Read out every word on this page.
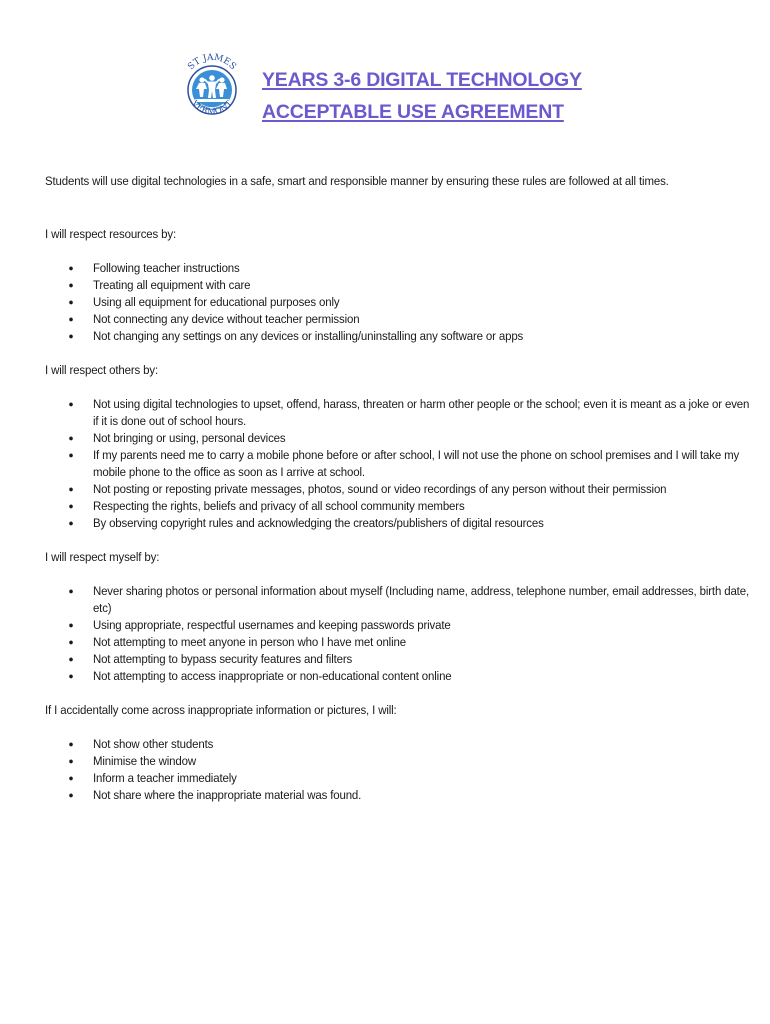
ST JAMES
VERMONT
YEARS 3-6 DIGITAL TECHNOLOGY
ACCEPTABLE USE AGREEMENT

Students will use digital technologies in a safe, smart and responsible manner by ensuring these rules are followed at all times.

I will respect resources by:

● Following teacher instructions
● Treating all equipment with care
● Using all equipment for educational purposes only
● Not connecting any device without teacher permission
● Not changing any settings on any devices or installing/uninstalling any software or apps

I will respect others by:

● Not using digital technologies to upset, offend, harass, threaten or harm other people or the school; even it is meant as a joke or even if it is done out of school hours.
● Not bringing or using, personal devices
● If my parents need me to carry a mobile phone before or after school, I will not use the phone on school premises and I will take my mobile phone to the office as soon as I arrive at school.
● Not posting or reposting private messages, photos, sound or video recordings of any person without their permission
● Respecting the rights, beliefs and privacy of all school community members
● By observing copyright rules and acknowledging the creators/publishers of digital resources

I will respect myself by:

● Never sharing photos or personal information about myself (Including name, address, telephone number, email addresses, birth date, etc)
● Using appropriate, respectful usernames and keeping passwords private
● Not attempting to meet anyone in person who I have met online
● Not attempting to bypass security features and filters
● Not attempting to access inappropriate or non-educational content online

If I accidentally come across inappropriate information or pictures, I will:

● Not show other students
● Minimise the window
● Inform a teacher immediately
● Not share where the inappropriate material was found.
